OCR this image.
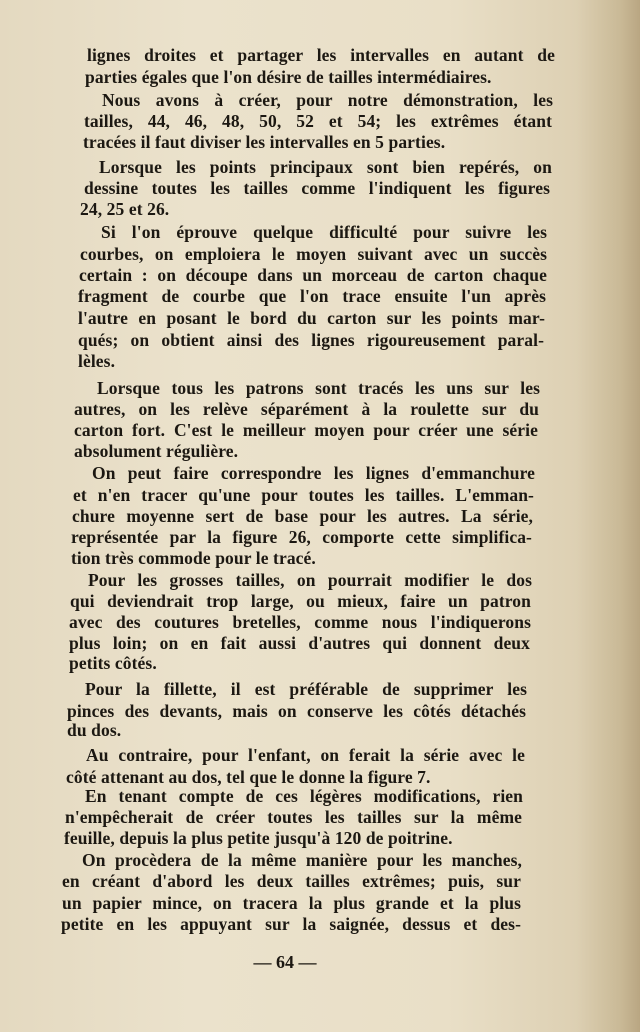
lignes droites et partager les intervalles en autant de
parties égales que l'on désire de tailles intermédiaires.
Nous avons à créer, pour notre démonstration, les
tailles, 44, 46, 48, 50, 52 et 54; les extrêmes étant
tracées il faut diviser les intervalles en 5 parties.
Lorsque les points principaux sont bien repérés, on
dessine toutes les tailles comme l'indiquent les figures
24, 25 et 26.
Si l'on éprouve quelque difficulté pour suivre les
courbes, on emploiera le moyen suivant avec un succès
certain : on découpe dans un morceau de carton chaque
fragment de courbe que l'on trace ensuite l'un après
l'autre en posant le bord du carton sur les points mar-
qués; on obtient ainsi des lignes rigoureusement paral-
lèles.
Lorsque tous les patrons sont tracés les uns sur les
autres, on les relève séparément à la roulette sur du
carton fort. C'est le meilleur moyen pour créer une série
absolument régulière.
On peut faire correspondre les lignes d'emmanchure
et n'en tracer qu'une pour toutes les tailles. L'emman-
chure moyenne sert de base pour les autres. La série,
représentée par la figure 26, comporte cette simplifica-
tion très commode pour le tracé.
Pour les grosses tailles, on pourrait modifier le dos
qui deviendrait trop large, ou mieux, faire un patron
avec des coutures bretelles, comme nous l'indiquerons
plus loin; on en fait aussi d'autres qui donnent deux
petits côtés.
Pour la fillette, il est préférable de supprimer les
pinces des devants, mais on conserve les côtés détachés
du dos.
Au contraire, pour l'enfant, on ferait la série avec le
côté attenant au dos, tel que le donne la figure 7.
En tenant compte de ces légères modifications, rien
n'empêcherait de créer toutes les tailles sur la même
feuille, depuis la plus petite jusqu'à 120 de poitrine.
On procèdera de la même manière pour les manches,
en créant d'abord les deux tailles extrêmes; puis, sur
un papier mince, on tracera la plus grande et la plus
petite en les appuyant sur la saignée, dessus et des-
— 64 —
